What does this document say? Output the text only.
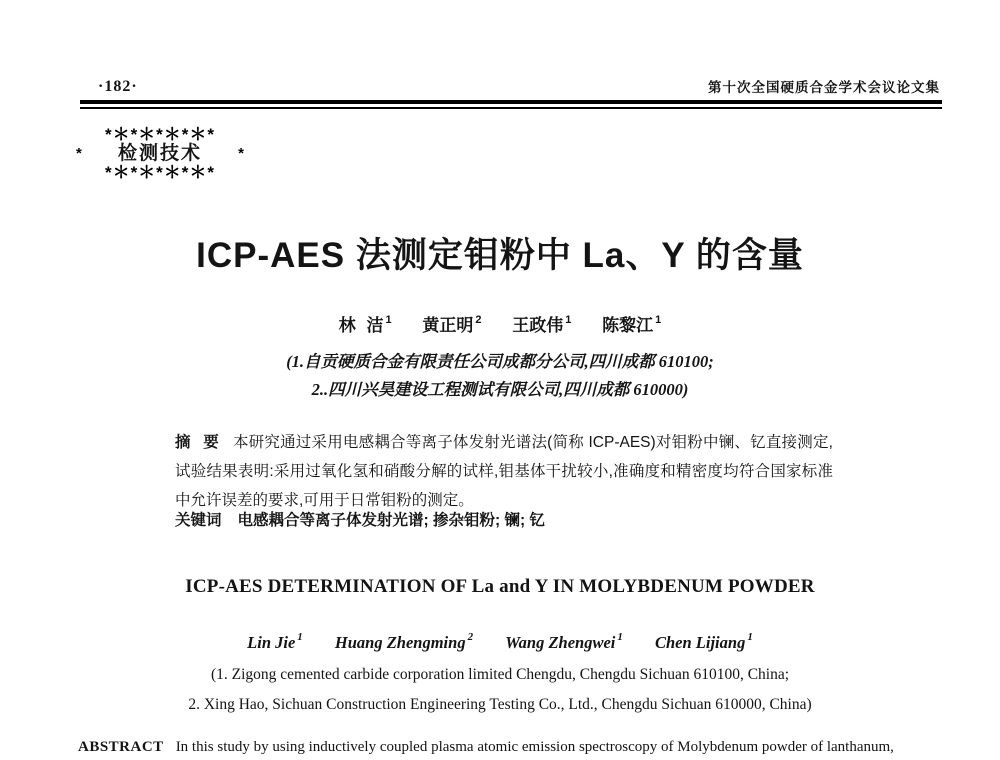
·182·	第十次全国硬质合金学术会议论文集
*＊*＊*＊*＊*
* 检测技术 *
*＊*＊*＊*＊*
ICP-AES 法测定钼粉中 La、Y 的含量
林 洁 $^1$ 黄正明 $^2$ 王政伟 $^1$ 陈黎江 $^1$
(1.自贡硬质合金有限责任公司成都分公司,四川成都 610100;
2..四川兴昊建设工程测试有限公司,四川成都 610000)

摘 要 本研究通过采用电感耦合等离子体发射光谱法(简称 ICP-AES)对钼粉中镧、钇直接测定,试验结果表明:采用过氧化氢和硝酸分解的试样,钼基体干扰较小,准确度和精密度均符合国家标准中允许误差的要求,可用于日常钼粉的测定。

关键词 电感耦合等离子体发射光谱; 掺杂钼粉; 镧; 钇

ICP-AES DETERMINATION OF La and Y IN MOLYBDENUM POWDER
Lin Jie $^1$ Huang Zhengming $^2$ Wang Zhengwei $^1$ Chen Lijiang $^1$
(1. Zigong cemented carbide corporation limited Chengdu, Chengdu Sichuan 610100, China;
2. Xing Hao, Sichuan Construction Engineering Testing Co., Ltd., Chengdu Sichuan 610000, China)

ABSTRACT In this study by using inductively coupled plasma atomic emission spectroscopy of Molybdenum powder of lanthanum,
